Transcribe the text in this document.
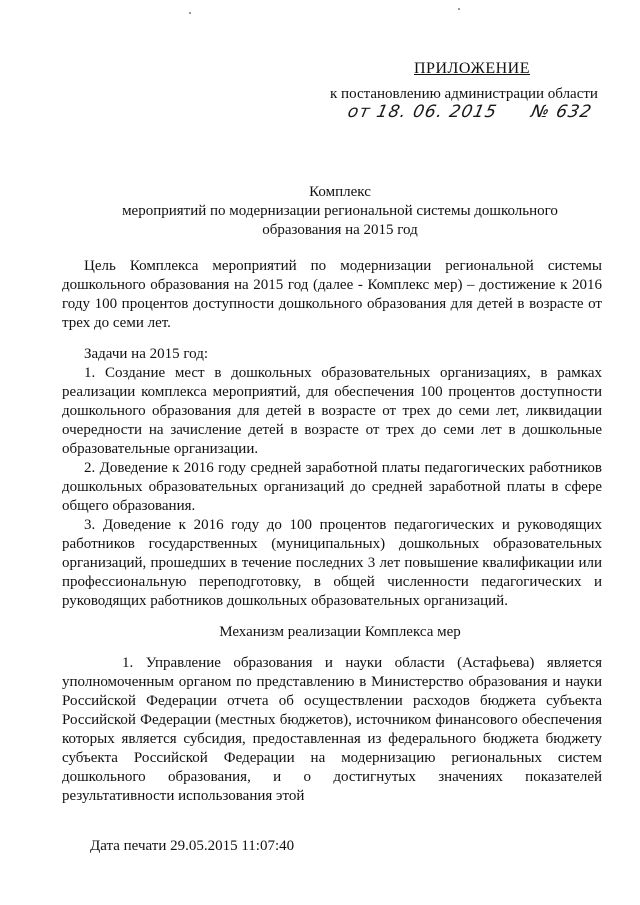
ПРИЛОЖЕНИЕ
к постановлению администрации области
от 18. 06. 2015 № 632
Комплекс
мероприятий по модернизации региональной системы дошкольного
образования на 2015 год

Цель Комплекса мероприятий по модернизации региональной системы дошкольного образования на 2015 год (далее - Комплекс мер) – достижение к 2016 году 100 процентов доступности дошкольного образования для детей в возрасте от трех до семи лет.

Задачи на 2015 год:

1. Создание мест в дошкольных образовательных организациях, в рамках реализации комплекса мероприятий, для обеспечения 100 процентов доступности дошкольного образования для детей в возрасте от трех до семи лет, ликвидации очередности на зачисление детей в возрасте от трех до семи лет в дошкольные образовательные организации.

2. Доведение к 2016 году средней заработной платы педагогических работников дошкольных образовательных организаций до средней заработной платы в сфере общего образования.

3. Доведение к 2016 году до 100 процентов педагогических и руководящих работников государственных (муниципальных) дошкольных образовательных организаций, прошедших в течение последних 3 лет повышение квалификации или профессиональную переподготовку, в общей численности педагогических и руководящих работников дошкольных образовательных организаций.

Механизм реализации Комплекса мер

1. Управление образования и науки области (Астафьева) является уполномоченным органом по представлению в Министерство образования и науки Российской Федерации отчета об осуществлении расходов бюджета субъекта Российской Федерации (местных бюджетов), источником финансового обеспечения которых является субсидия, предоставленная из федерального бюджета бюджету субъекта Российской Федерации на модернизацию региональных систем дошкольного образования, и о достигнутых значениях показателей результативности использования этой

Дата печати 29.05.2015 11:07:40
